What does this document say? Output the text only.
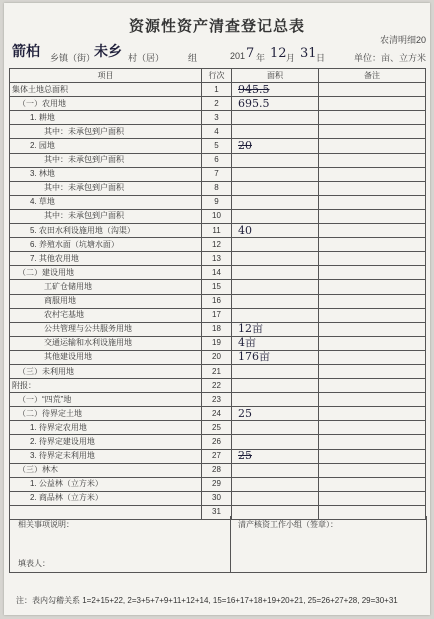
资源性资产清查登记总表
农清明细20
箭柏 乡镇（街）
未乡 村（居）	组	201 7 年 12 月 31 日	单位：亩、立方米
项目	行次	面积	备注
集体土地总面积	1	945.5	
（一）农用地	2	695.5	
1. 耕地	3		
其中：未承包到户面积	4		
2. 园地	5	20	
其中：未承包到户面积	6		
3. 林地	7		
其中：未承包到户面积	8		
4. 草地	9		
其中：未承包到户面积	10		
5. 农田水利设施用地（沟渠）	11	40	
6. 养殖水面（坑塘水面）	12		
7. 其他农用地	13		
（二）建设用地	14		
工矿仓储用地	15		
商服用地	16		
农村宅基地	17		
公共管理与公共服务用地	18	12亩	
交通运输和水利设施用地	19	4亩	
其他建设用地	20	176亩	
（三）未利用地	21		
附报：	22		
（一）“四荒”地	23		
（二）待界定土地	24	25	
1. 待界定农用地	25		
2. 待界定建设用地	26		
3. 待界定未利用地	27	25	
（三）林木	28		
1. 公益林（立方米）	29		
2. 商品林（立方米）	30		
	31		
相关事项说明：
填表人：
清产核资工作小组（签章）：
注：表内勾稽关系 1=2+15+22, 2=3+5+7+9+11+12+14, 15=16+17+18+19+20+21, 25=26+27+28, 29=30+31
